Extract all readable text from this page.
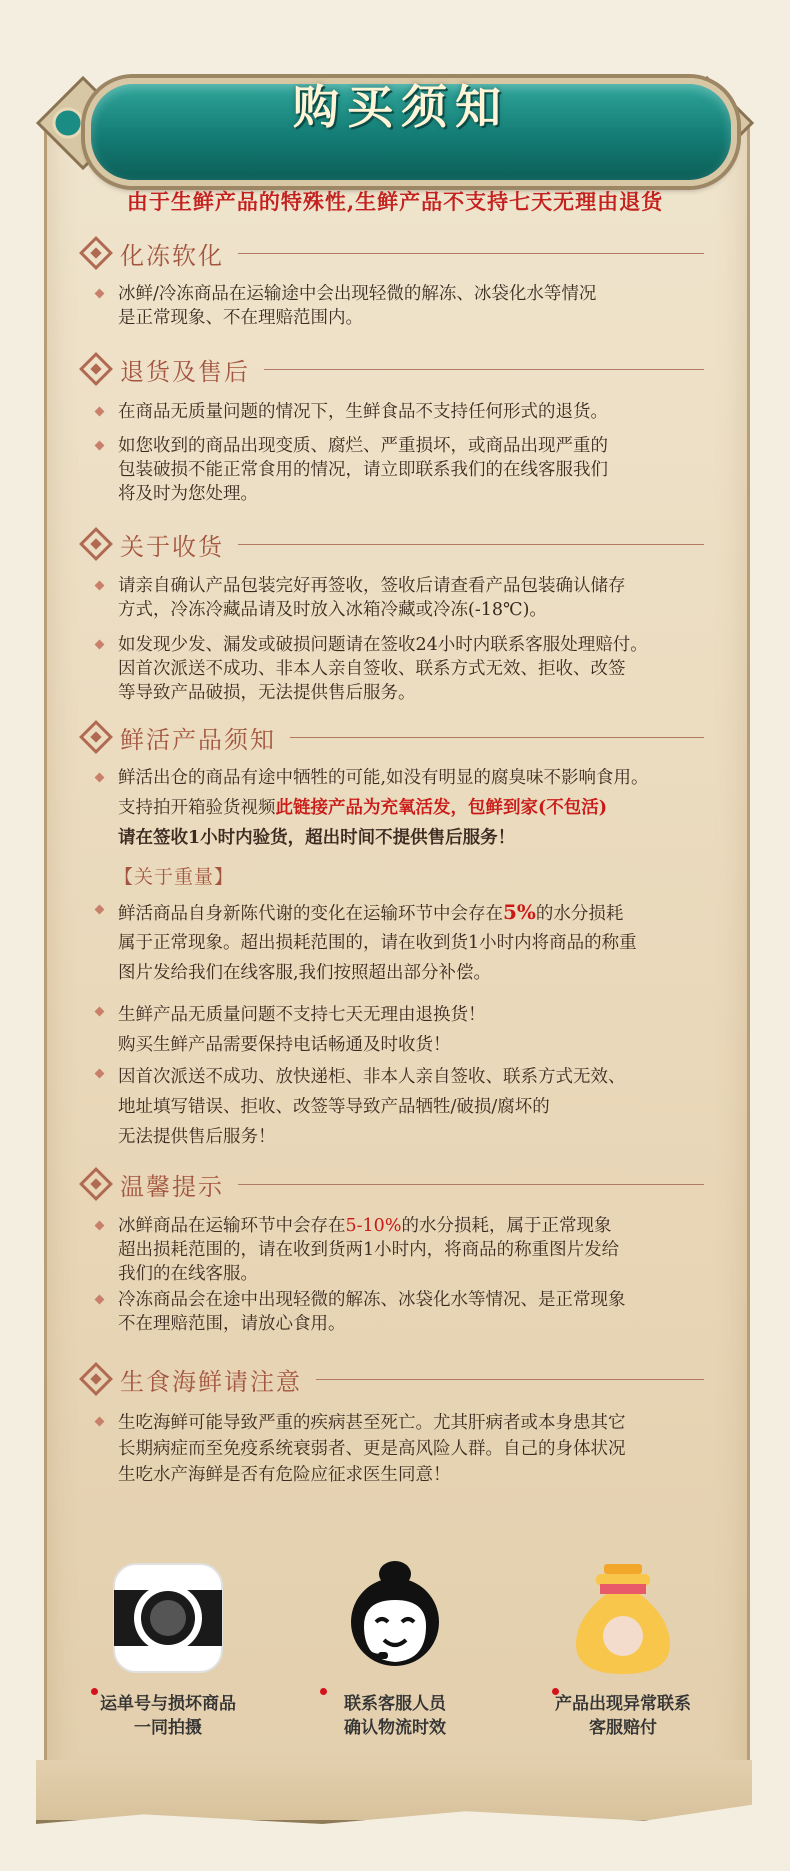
购买须知
由于生鲜产品的特殊性,生鲜产品不支持七天无理由退货
化冻软化
冰鲜/冷冻商品在运输途中会出现轻微的解冻、冰袋化水等情况
是正常现象、不在理赔范围内。
退货及售后
在商品无质量问题的情况下，生鲜食品不支持任何形式的退货。
如您收到的商品出现变质、腐烂、严重损坏，或商品出现严重的
包装破损不能正常食用的情况，请立即联系我们的在线客服我们
将及时为您处理。
关于收货
请亲自确认产品包装完好再签收，签收后请查看产品包装确认储存
方式，冷冻冷藏品请及时放入冰箱冷藏或冷冻(-18℃)。
如发现少发、漏发或破损问题请在签收24小时内联系客服处理赔付。
因首次派送不成功、非本人亲自签收、联系方式无效、拒收、改签
等导致产品破损，无法提供售后服务。
鲜活产品须知
鲜活出仓的商品有途中牺牲的可能,如没有明显的腐臭味不影响食用。
支持拍开箱验货视频此链接产品为充氧活发，包鲜到家(不包活)
请在签收1小时内验货，超出时间不提供售后服务！
【关于重量】
鲜活商品自身新陈代谢的变化在运输环节中会存在5%的水分损耗
属于正常现象。超出损耗范围的，请在收到货1小时内将商品的称重
图片发给我们在线客服,我们按照超出部分补偿。
生鲜产品无质量问题不支持七天无理由退换货！
购买生鲜产品需要保持电话畅通及时收货！
因首次派送不成功、放快递柜、非本人亲自签收、联系方式无效、
地址填写错误、拒收、改签等导致产品牺牲/破损/腐坏的
无法提供售后服务！
温馨提示
冰鲜商品在运输环节中会存在5-10%的水分损耗，属于正常现象
超出损耗范围的，请在收到货两1小时内，将商品的称重图片发给
我们的在线客服。
冷冻商品会在途中出现轻微的解冻、冰袋化水等情况、是正常现象
不在理赔范围，请放心食用。
生食海鲜请注意
生吃海鲜可能导致严重的疾病甚至死亡。尤其肝病者或本身患其它
长期病症而至免疫系统衰弱者、更是高风险人群。自己的身体状况
生吃水产海鲜是否有危险应征求医生同意！
运单号与损坏商品
一同拍摄
联系客服人员
确认物流时效
产品出现异常联系
客服赔付
